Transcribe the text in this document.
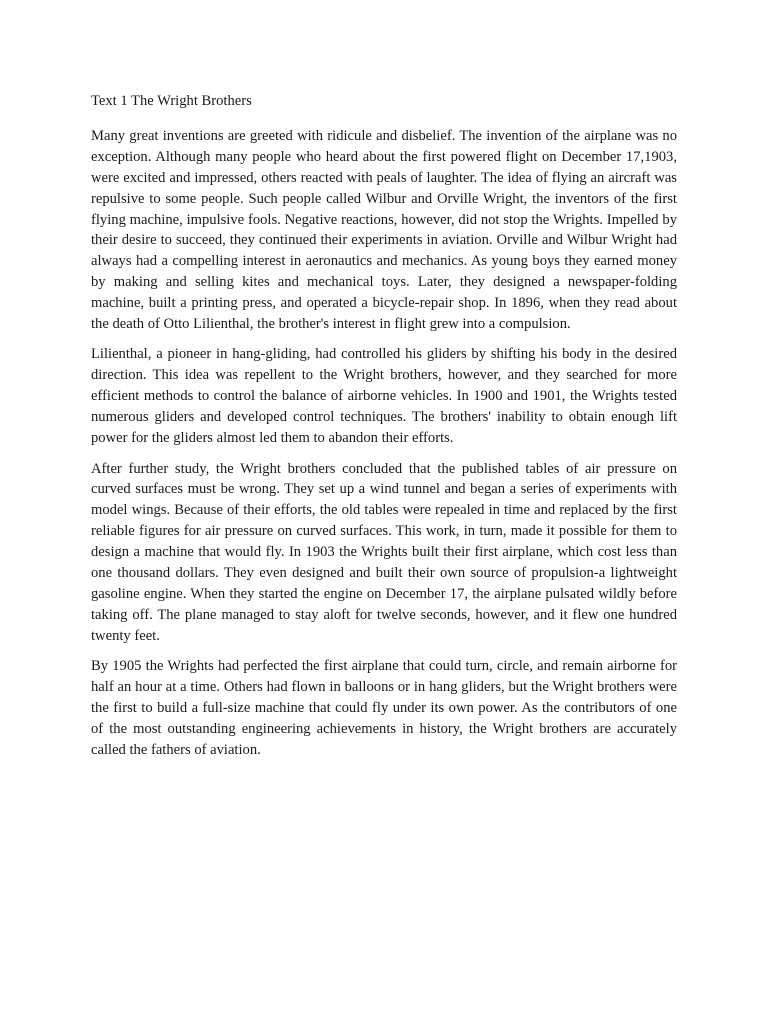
Text 1 The Wright Brothers

Many great inventions are greeted with ridicule and disbelief. The invention of the airplane was no exception. Although many people who heard about the first powered flight on December 17,1903, were excited and impressed, others reacted with peals of laughter. The idea of flying an aircraft was repulsive to some people. Such people called Wilbur and Orville Wright, the inventors of the first flying machine, impulsive fools. Negative reactions, however, did not stop the Wrights. Impelled by their desire to succeed, they continued their experiments in aviation. Orville and Wilbur Wright had always had a compelling interest in aeronautics and mechanics. As young boys they earned money by making and selling kites and mechanical toys. Later, they designed a newspaper-folding machine, built a printing press, and operated a bicycle-repair shop. In 1896, when they read about the death of Otto Lilienthal, the brother's interest in flight grew into a compulsion.

Lilienthal, a pioneer in hang-gliding, had controlled his gliders by shifting his body in the desired direction. This idea was repellent to the Wright brothers, however, and they searched for more efficient methods to control the balance of airborne vehicles. In 1900 and 1901, the Wrights tested numerous gliders and developed control techniques. The brothers' inability to obtain enough lift power for the gliders almost led them to abandon their efforts.

After further study, the Wright brothers concluded that the published tables of air pressure on curved surfaces must be wrong. They set up a wind tunnel and began a series of experiments with model wings. Because of their efforts, the old tables were repealed in time and replaced by the first reliable figures for air pressure on curved surfaces. This work, in turn, made it possible for them to design a machine that would fly. In 1903 the Wrights built their first airplane, which cost less than one thousand dollars. They even designed and built their own source of propulsion-a lightweight gasoline engine. When they started the engine on December 17, the airplane pulsated wildly before taking off. The plane managed to stay aloft for twelve seconds, however, and it flew one hundred twenty feet.

By 1905 the Wrights had perfected the first airplane that could turn, circle, and remain airborne for half an hour at a time. Others had flown in balloons or in hang gliders, but the Wright brothers were the first to build a full-size machine that could fly under its own power. As the contributors of one of the most outstanding engineering achievements in history, the Wright brothers are accurately called the fathers of aviation.
